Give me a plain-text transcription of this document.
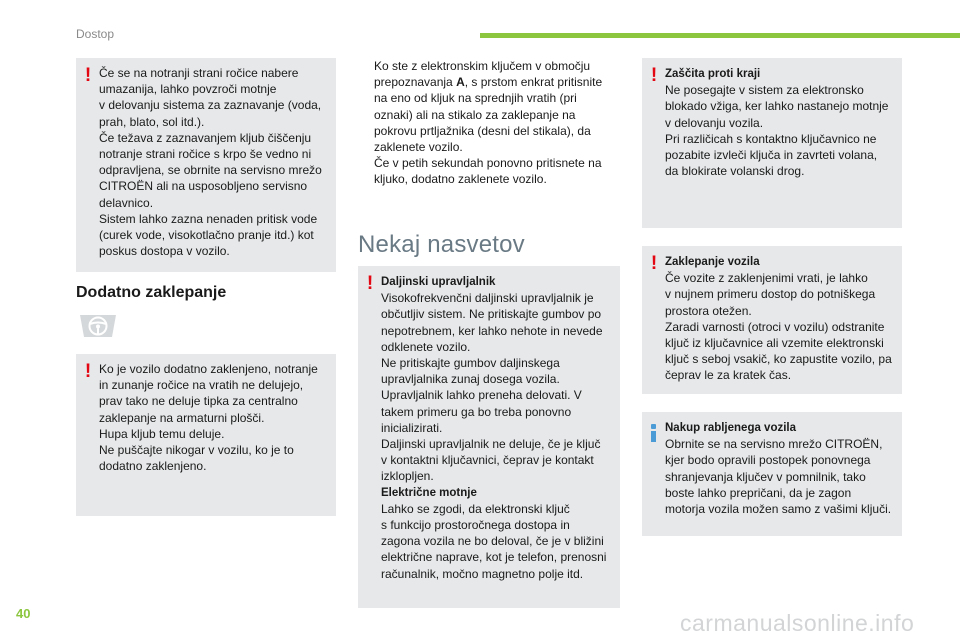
Dostop
! Če se na notranji strani ročice nabere
umazanija, lahko povzroči motnje
v delovanju sistema za zaznavanje (voda,
prah, blato, sol itd.).
Če težava z zaznavanjem kljub čiščenju
notranje strani ročice s krpo še vedno ni
odpravljena, se obrnite na servisno mrežo
CITROËN ali na usposobljeno servisno
delavnico.
Sistem lahko zazna nenaden pritisk vode
(curek vode, visokotlačno pranje itd.) kot
poskus dostopa v vozilo.
Dodatno zaklepanje
! Ko je vozilo dodatno zaklenjeno, notranje
in zunanje ročice na vratih ne delujejo,
prav tako ne deluje tipka za centralno
zaklepanje na armaturni plošči.
Hupa kljub temu deluje.
Ne puščajte nikogar v vozilu, ko je to
dodatno zaklenjeno.
Ko ste z elektronskim ključem v območju
prepoznavanja A, s prstom enkrat pritisnite
na eno od kljuk na sprednjih vratih (pri
oznaki) ali na stikalo za zaklepanje na
pokrovu prtljažnika (desni del stikala), da
zaklenete vozilo.
Če v petih sekundah ponovno pritisnete na
kljuko, dodatno zaklenete vozilo.
Nekaj nasvetov
! Daljinski upravljalnik
Visokofrekvenčni daljinski upravljalnik je
občutljiv sistem. Ne pritiskajte gumbov po
nepotrebnem, ker lahko nehote in nevede
odklenete vozilo.
Ne pritiskajte gumbov daljinskega
upravljalnika zunaj dosega vozila.
Upravljalnik lahko preneha delovati. V
takem primeru ga bo treba ponovno
inicializirati.
Daljinski upravljalnik ne deluje, če je ključ
v kontaktni ključavnici, čeprav je kontakt
izklopljen.
Električne motnje
Lahko se zgodi, da elektronski ključ
s funkcijo prostoročnega dostopa in
zagona vozila ne bo deloval, če je v bližini
električne naprave, kot je telefon, prenosni
računalnik, močno magnetno polje itd.
! Zaščita proti kraji
Ne posegajte v sistem za elektronsko
blokado vžiga, ker lahko nastanejo motnje
v delovanju vozila.
Pri različicah s kontaktno ključavnico ne
pozabite izvleči ključa in zavrteti volana,
da blokirate volanski drog.
! Zaklepanje vozila
Če vozite z zaklenjenimi vrati, je lahko
v nujnem primeru dostop do potniškega
prostora otežen.
Zaradi varnosti (otroci v vozilu) odstranite
ključ iz ključavnice ali vzemite elektronski
ključ s seboj vsakič, ko zapustite vozilo, pa
čeprav le za kratek čas.
Nakup rabljenega vozila
Obrnite se na servisno mrežo CITROËN,
kjer bodo opravili postopek ponovnega
shranjevanja ključev v pomnilnik, tako
boste lahko prepričani, da je zagon
motorja vozila možen samo z vašimi ključi.
40	carmanualsonline.info
